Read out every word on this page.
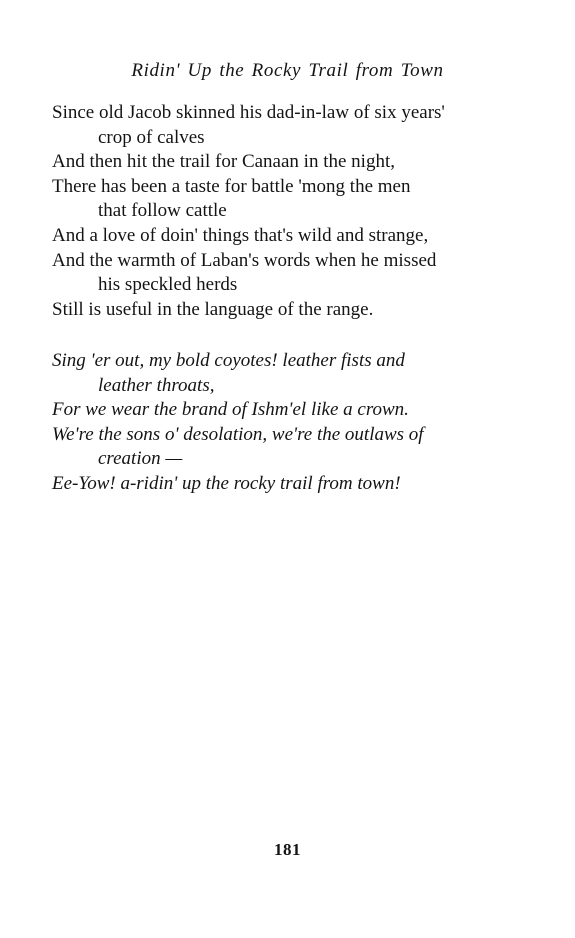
Ridin' Up the Rocky Trail from Town
Since old Jacob skinned his dad-in-law of six years'
crop of calves
And then hit the trail for Canaan in the night,
There has been a taste for battle 'mong the men
that follow cattle
And a love of doin' things that's wild and strange,
And the warmth of Laban's words when he missed
his speckled herds
Still is useful in the language of the range.
Sing 'er out, my bold coyotes! leather fists and
leather throats,
For we wear the brand of Ishm'el like a crown.
We're the sons o' desolation, we're the outlaws of
creation —
Ee-Yow! a-ridin' up the rocky trail from town!
181
